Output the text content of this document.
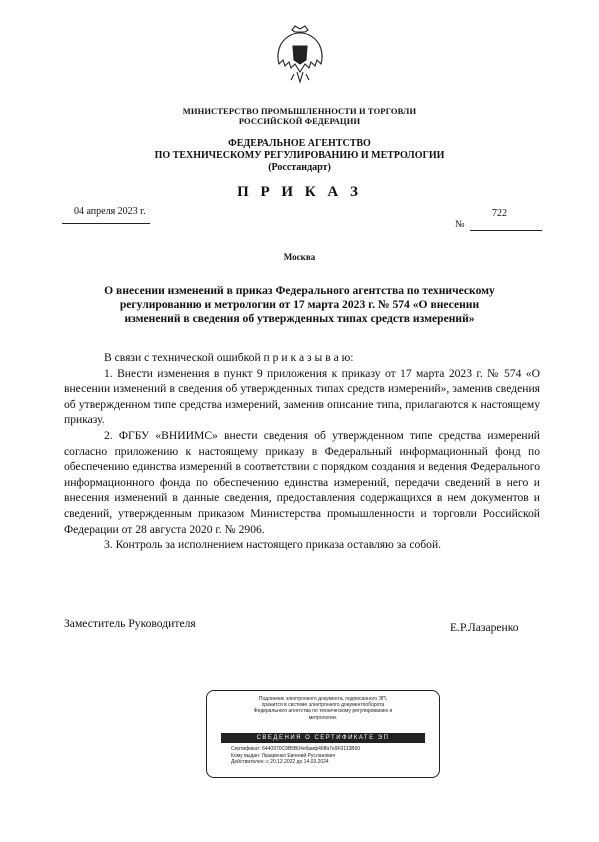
МИНИСТЕРСТВО ПРОМЫШЛЕННОСТИ И ТОРГОВЛИ
РОССИЙСКОЙ ФЕДЕРАЦИИ
ФЕДЕРАЛЬНОЕ АГЕНТСТВО
ПО ТЕХНИЧЕСКОМУ РЕГУЛИРОВАНИЮ И МЕТРОЛОГИИ
(Росстандарт)
П Р И К А З
04 апреля 2023 г.
№
722
Москва
О внесении изменений в приказ Федерального агентства по техническому
регулированию и метрологии от 17 марта 2023 г. № 574 «О внесении
изменений в сведения об утвержденных типах средств измерений»

В связи с технической ошибкой п р и к а з ы в а ю:

1. Внести изменения в пункт 9 приложения к приказу от 17 марта 2023 г. № 574 «О внесении изменений в сведения об утвержденных типах средств измерений», заменив сведения об утвержденном типе средства измерений, заменив описание типа, прилагаются к настоящему приказу.

2. ФГБУ «ВНИИМС» внести сведения об утвержденном типе средства измерений согласно приложению к настоящему приказу в Федеральный информационный фонд по обеспечению единства измерений в соответствии с порядком создания и ведения Федерального информационного фонда по обеспечению единства измерений, передачи сведений в него и внесения изменений в данные сведения, предоставления содержащихся в нем документов и сведений, утвержденным приказом Министерства промышленности и торговли Российской Федерации от 28 августа 2020 г. № 2906.

3. Контроль за исполнением настоящего приказа оставляю за собой.

Заместитель Руководителя	Е.Р.Лазаренко
Подлинник электронного документа, подписанного ЭП,
хранится в системе электронного документооборота
Федерального агентства по техническому регулированию и
метрологии.
СВЕДЕНИЯ О СЕРТИФИКАТЕ ЭП
Сертификат: 6440970С9B5B04ебаиф46ffa7e9F0113B00
Кому выдан: Лазаренко Евгений Русланович
Действителен: с 20.12.2022 до 14.03.2024
